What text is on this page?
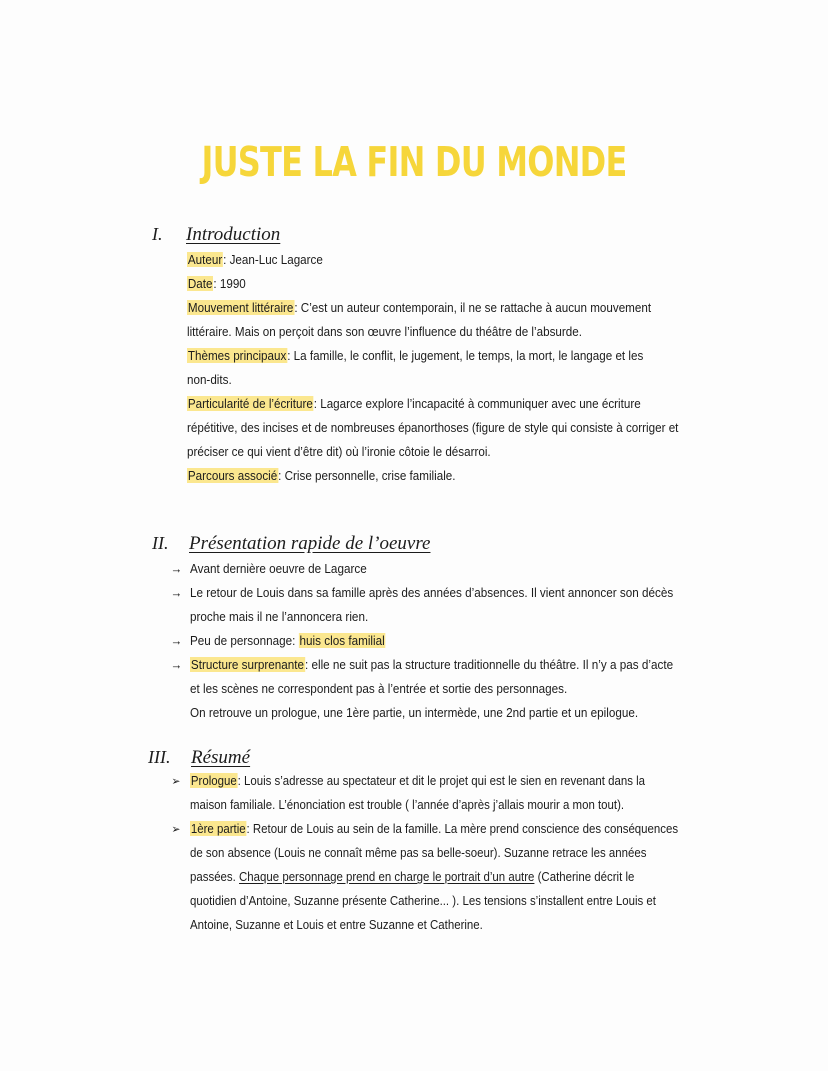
JUSTE LA FIN DU MONDE
I. Introduction
Auteur: Jean-Luc Lagarce
Date: 1990
Mouvement littéraire: C’est un auteur contemporain, il ne se rattache à aucun mouvement
littéraire. Mais on perçoit dans son œuvre l’influence du théâtre de l’absurde.
Thèmes principaux: La famille, le conflit, le jugement, le temps, la mort, le langage et les
non-dits.
Particularité de l’écriture: Lagarce explore l’incapacité à communiquer avec une écriture
répétitive, des incises et de nombreuses épanorthoses (figure de style qui consiste à corriger et
préciser ce qui vient d’être dit) où l’ironie côtoie le désarroi.
Parcours associé: Crise personnelle, crise familiale.
II. Présentation rapide de l’oeuvre
→ Avant dernière oeuvre de Lagarce
→ Le retour de Louis dans sa famille après des années d’absences. Il vient annoncer son décès
proche mais il ne l’annoncera rien.
→ Peu de personnage: huis clos familial
→ Structure surprenante: elle ne suit pas la structure traditionnelle du théâtre. Il n’y a pas d’acte
et les scènes ne correspondent pas à l’entrée et sortie des personnages.
On retrouve un prologue, une 1ère partie, un intermède, une 2nd partie et un epilogue.
III. Résumé
➢ Prologue: Louis s’adresse au spectateur et dit le projet qui est le sien en revenant dans la
maison familiale. L’énonciation est trouble ( l’année d’après j’allais mourir a mon tout).
➢ 1ère partie: Retour de Louis au sein de la famille. La mère prend conscience des conséquences
de son absence (Louis ne connaît même pas sa belle-soeur). Suzanne retrace les années
passées. Chaque personnage prend en charge le portrait d’un autre (Catherine décrit le
quotidien d’Antoine, Suzanne présente Catherine... ). Les tensions s’installent entre Louis et
Antoine, Suzanne et Louis et entre Suzanne et Catherine.
